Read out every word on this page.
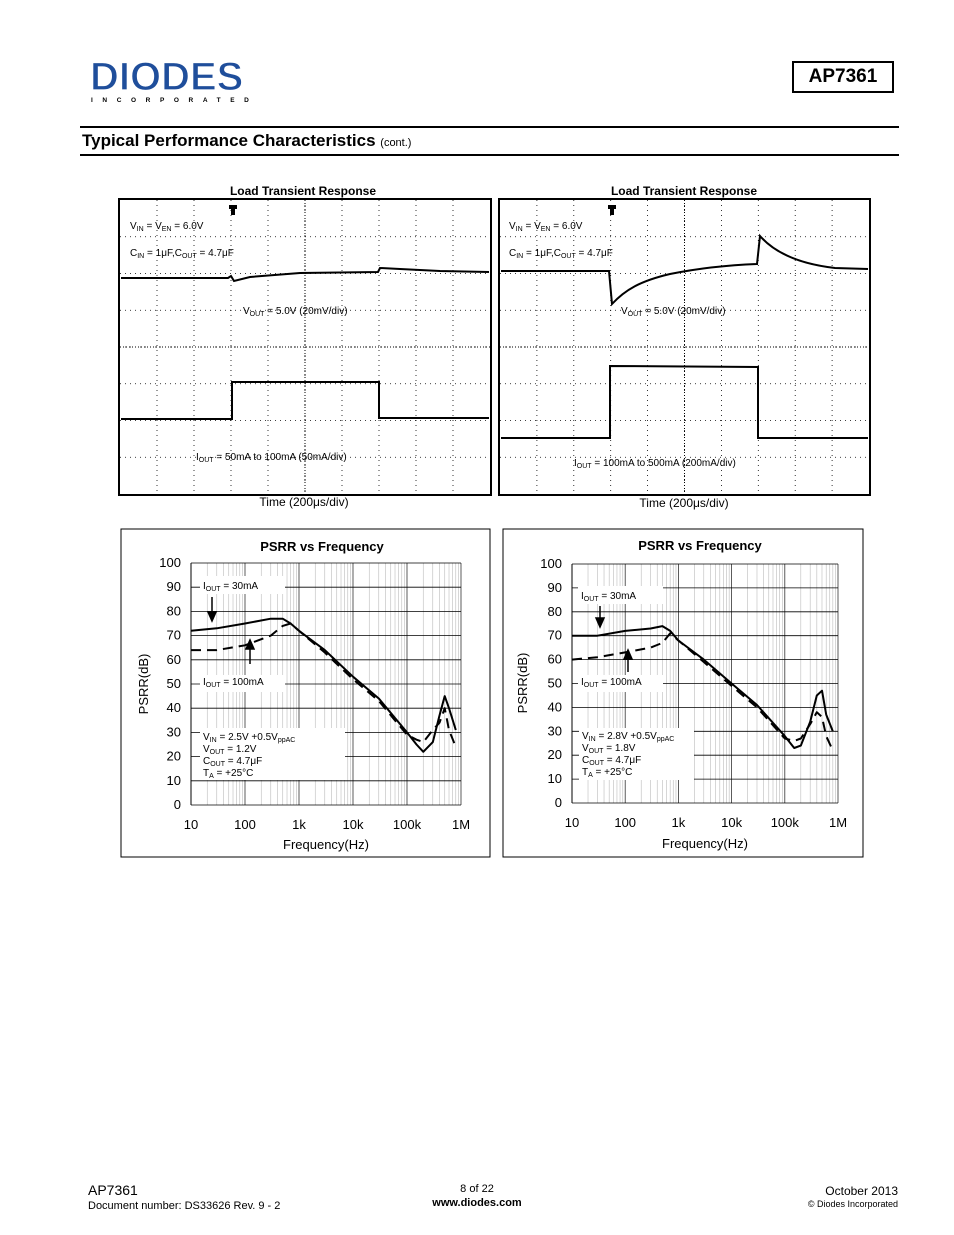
DIODES
INCORPORATED
AP7361
Typical Performance Characteristics (cont.)
Load Transient Response
$V_{IN} = V_{EN} = 6.0V$
$C_{IN} = 1\mu F,C_{OUT} = 4.7\mu F$
$V_{OUT} = 5.0V$ (20mV/div)
$I_{OUT} = 50mA$ to 100mA (50mA/div)
Time (200μs/div)
Load Transient Response
$V_{IN} = V_{EN} = 6.0V$
$C_{IN} = 1\mu F,C_{OUT} = 4.7\mu F$
$V_{OUT} = 5.0V$ (20mV/div)
$I_{OUT} = 100mA$ to 500mA (200mA/div)
Time (200μs/div)
PSRR vs Frequency
0
10
20
30
40
50
60
70
80
90
100
10	100	1k	10k 100k 1M
PSRR(dB)
Frequency(Hz)
$I_{OUT} = 30mA$
$I_{OUT} = 100mA$
$V_{IN} = 2.5V +0.5V_{ppAC}$
$V_{OUT} = 1.2V$
$C_{OUT} = 4.7\mu F$
$T_A = +25^\circ C$
PSRR vs Frequency
0
10
20
30
40
50
60
70
80
90
100
10	100	1k	10k 100k 1M
PSRR(dB)
Frequency(Hz)
$I_{OUT} = 30mA$
$I_{OUT} = 100mA$
$V_{IN} = 2.8V +0.5V_{ppAC}$
$V_{OUT} = 1.8V$
$C_{OUT} = 4.7\mu F$
$T_A = +25^\circ C$
AP7361
Document number: DS33626 Rev. 9 - 2
8 of 22
www.diodes.com
October 2013
© Diodes Incorporated
